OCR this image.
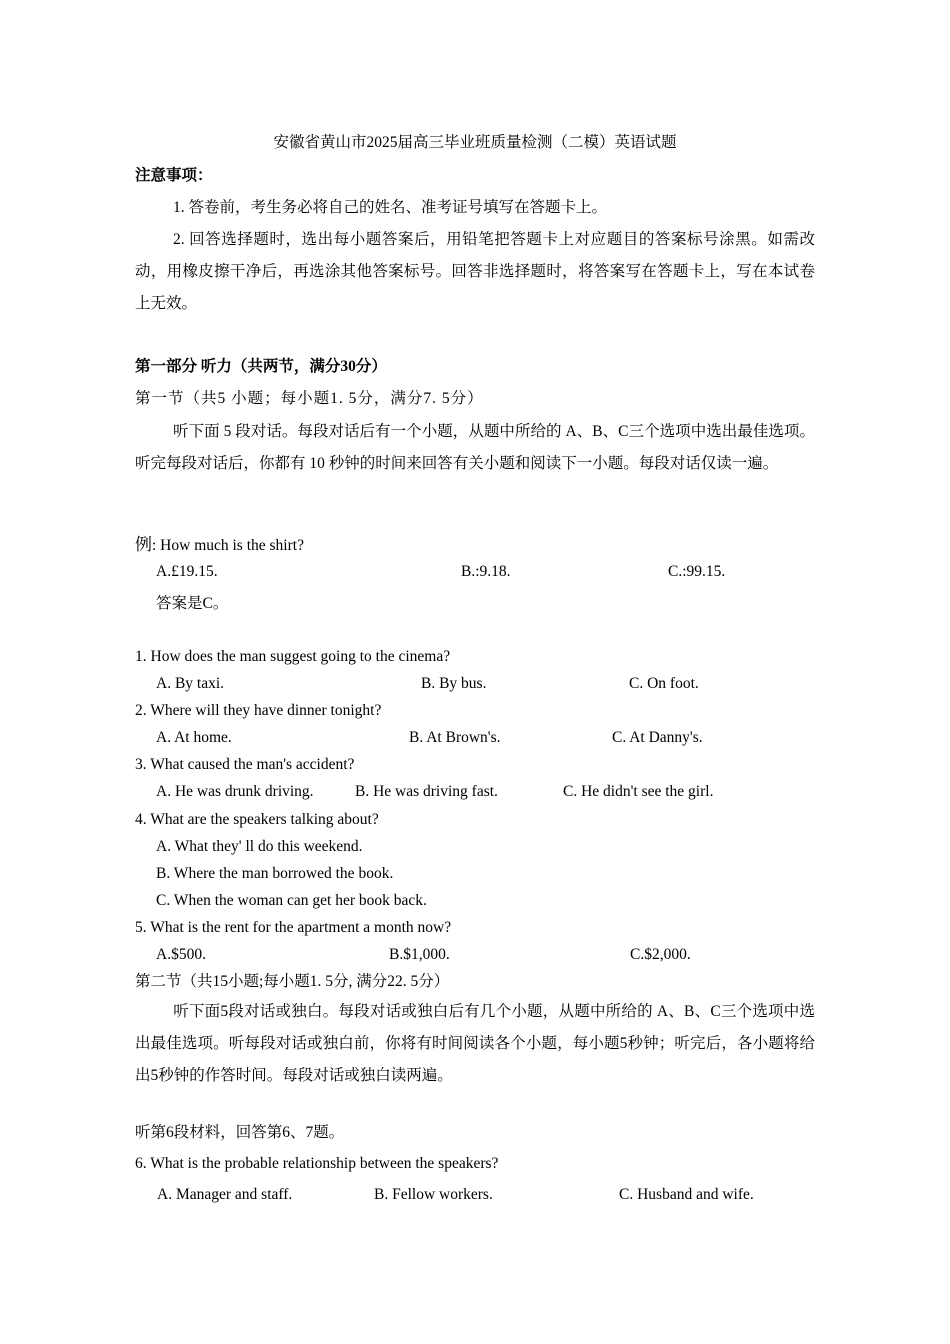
安徽省黄山市2025届高三毕业班质量检测（二模）英语试题
注意事项：
1. 答卷前，考生务必将自己的姓名、准考证号填写在答题卡上。
2. 回答选择题时，选出每小题答案后，用铅笔把答题卡上对应题目的答案标号涂黑。如需改动，用橡皮擦干净后，再选涂其他答案标号。回答非选择题时，将答案写在答题卡上，写在本试卷上无效。
第一部分 听力（共两节，满分30分）
第一节（共5 小题；每小题1. 5分，满分7. 5分）
听下面 5 段对话。每段对话后有一个小题，从题中所给的 A、B、C三个选项中选出最佳选项。听完每段对话后，你都有 10 秒钟的时间来回答有关小题和阅读下一小题。每段对话仅读一遍。
例: How much is the shirt?
A.£19.15.	B.:9.18.	C.:99.15.
答案是C。
1. How does the man suggest going to the cinema?
A. By taxi.	B. By bus.	C. On foot.
2. Where will they have dinner tonight?
A. At home.	B. At Brown's.	C. At Danny's.
3. What caused the man's accident?
A. He was drunk driving.	B. He was driving fast.	C. He didn't see the girl.
4. What are the speakers talking about?
A. What they' ll do this weekend.
B. Where the man borrowed the book.
C. When the woman can get her book back.
5. What is the rent for the apartment a month now?
A.$500.	B.$1,000.	C.$2,000.
第二节（共15小题;每小题1. 5分, 满分22. 5分）
听下面5段对话或独白。每段对话或独白后有几个小题，从题中所给的 A、B、C三个选项中选出最佳选项。听每段对话或独白前，你将有时间阅读各个小题，每小题5秒钟；听完后，各小题将给出5秒钟的作答时间。每段对话或独白读两遍。
听第6段材料，回答第6、7题。
6. What is the probable relationship between the speakers?
A. Manager and staff.	B. Fellow workers.	C. Husband and wife.
